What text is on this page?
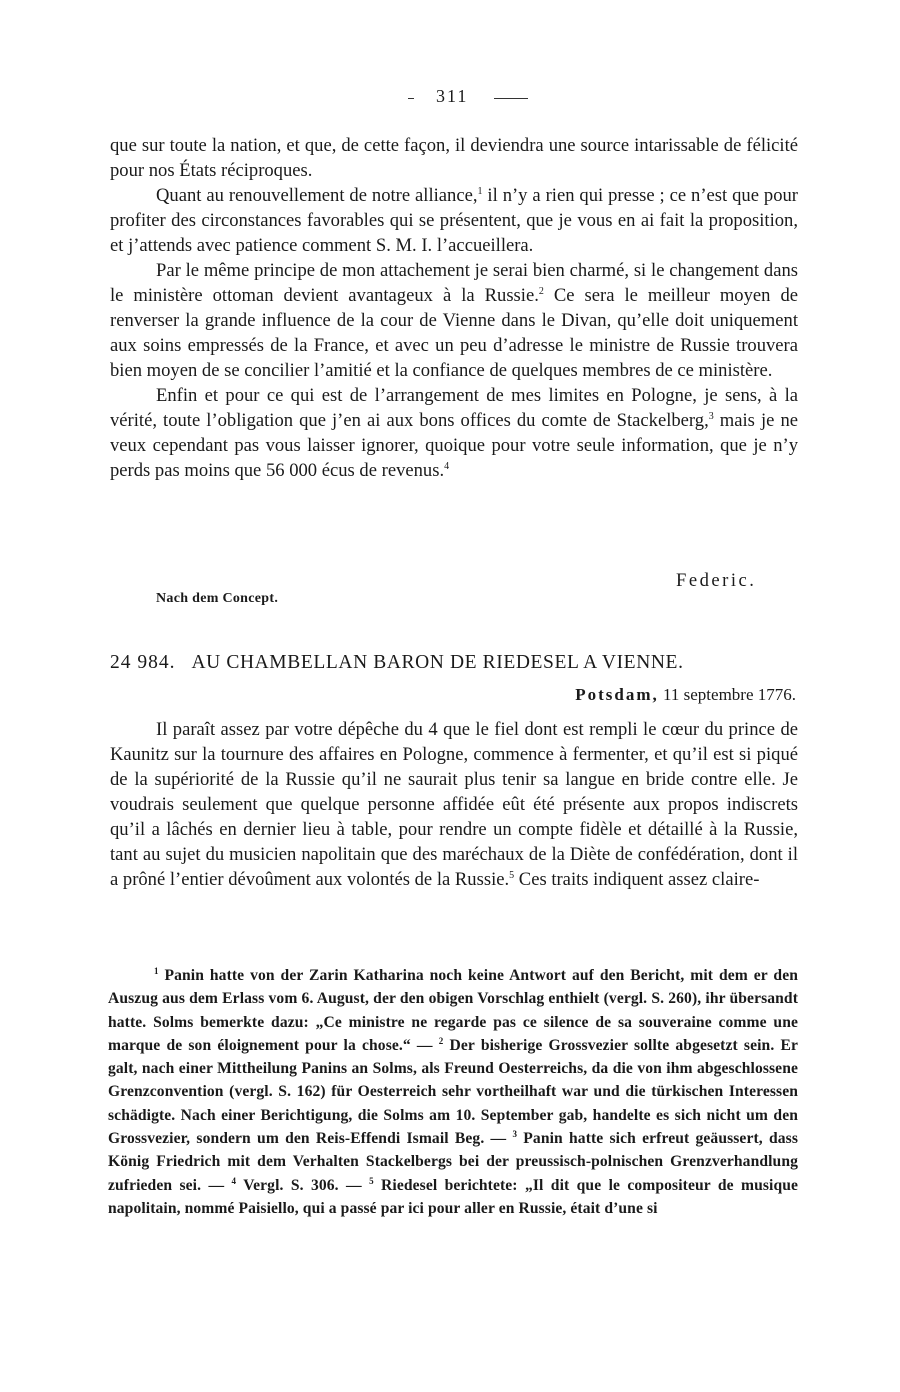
311

que sur toute la nation, et que, de cette façon, il deviendra une source intarissable de félicité pour nos États réciproques.

Quant au renouvellement de notre alliance,$^1$ il n’y a rien qui presse ; ce n’est que pour profiter des circonstances favorables qui se présentent, que je vous en ai fait la proposition, et j’attends avec patience comment S. M. I. l’accueillera.

Par le même principe de mon attachement je serai bien charmé, si le changement dans le ministère ottoman devient avantageux à la Russie.$^2$ Ce sera le meilleur moyen de renverser la grande influence de la cour de Vienne dans le Divan, qu’elle doit uniquement aux soins empressés de la France, et avec un peu d’adresse le ministre de Russie trouvera bien moyen de se concilier l’amitié et la confiance de quelques membres de ce ministère.

Enfin et pour ce qui est de l’arrangement de mes limites en Pologne, je sens, à la vérité, toute l’obligation que j’en ai aux bons offices du comte de Stackelberg,$^3$ mais je ne veux cependant pas vous laisser ignorer, quoique pour votre seule information, que je n’y perds pas moins que 56 000 écus de revenus.$^4$

Federic.
Nach dem Concept.
24 984. AU CHAMBELLAN BARON DE RIEDESEL A VIENNE.
Potsdam, 11 septembre 1776.

Il paraît assez par votre dépêche du 4 que le fiel dont est rempli le cœur du prince de Kaunitz sur la tournure des affaires en Pologne, commence à fermenter, et qu’il est si piqué de la supériorité de la Russie qu’il ne saurait plus tenir sa langue en bride contre elle. Je voudrais seulement que quelque personne affidée eût été présente aux propos indiscrets qu’il a lâchés en dernier lieu à table, pour rendre un compte fidèle et détaillé à la Russie, tant au sujet du musicien napolitain que des maréchaux de la Diète de confédération, dont il a prôné l’entier dévoûment aux volontés de la Russie.$^5$ Ces traits indiquent assez claire-

$^1$ Panin hatte von der Zarin Katharina noch keine Antwort auf den Bericht, mit dem er den Auszug aus dem Erlass vom 6. August, der den obigen Vorschlag enthielt (vergl. S. 260), ihr übersandt hatte. Solms bemerkte dazu: „Ce ministre ne regarde pas ce silence de sa souveraine comme une marque de son éloignement pour la chose.“ — $^2$ Der bisherige Grossvezier sollte abgesetzt sein. Er galt, nach einer Mittheilung Panins an Solms, als Freund Oesterreichs, da die von ihm abgeschlossene Grenzconvention (vergl. S. 162) für Oesterreich sehr vortheilhaft war und die türkischen Interessen schädigte. Nach einer Berichtigung, die Solms am 10. September gab, handelte es sich nicht um den Grossvezier, sondern um den Reis-Effendi Ismail Beg. — $^3$ Panin hatte sich erfreut geäussert, dass König Friedrich mit dem Verhalten Stackelbergs bei der preussisch-polnischen Grenzverhandlung zufrieden sei. — $^4$ Vergl. S. 306. — $^5$ Riedesel berichtete: „Il dit que le compositeur de musique napolitain, nommé Paisiello, qui a passé par ici pour aller en Russie, était d’une si
